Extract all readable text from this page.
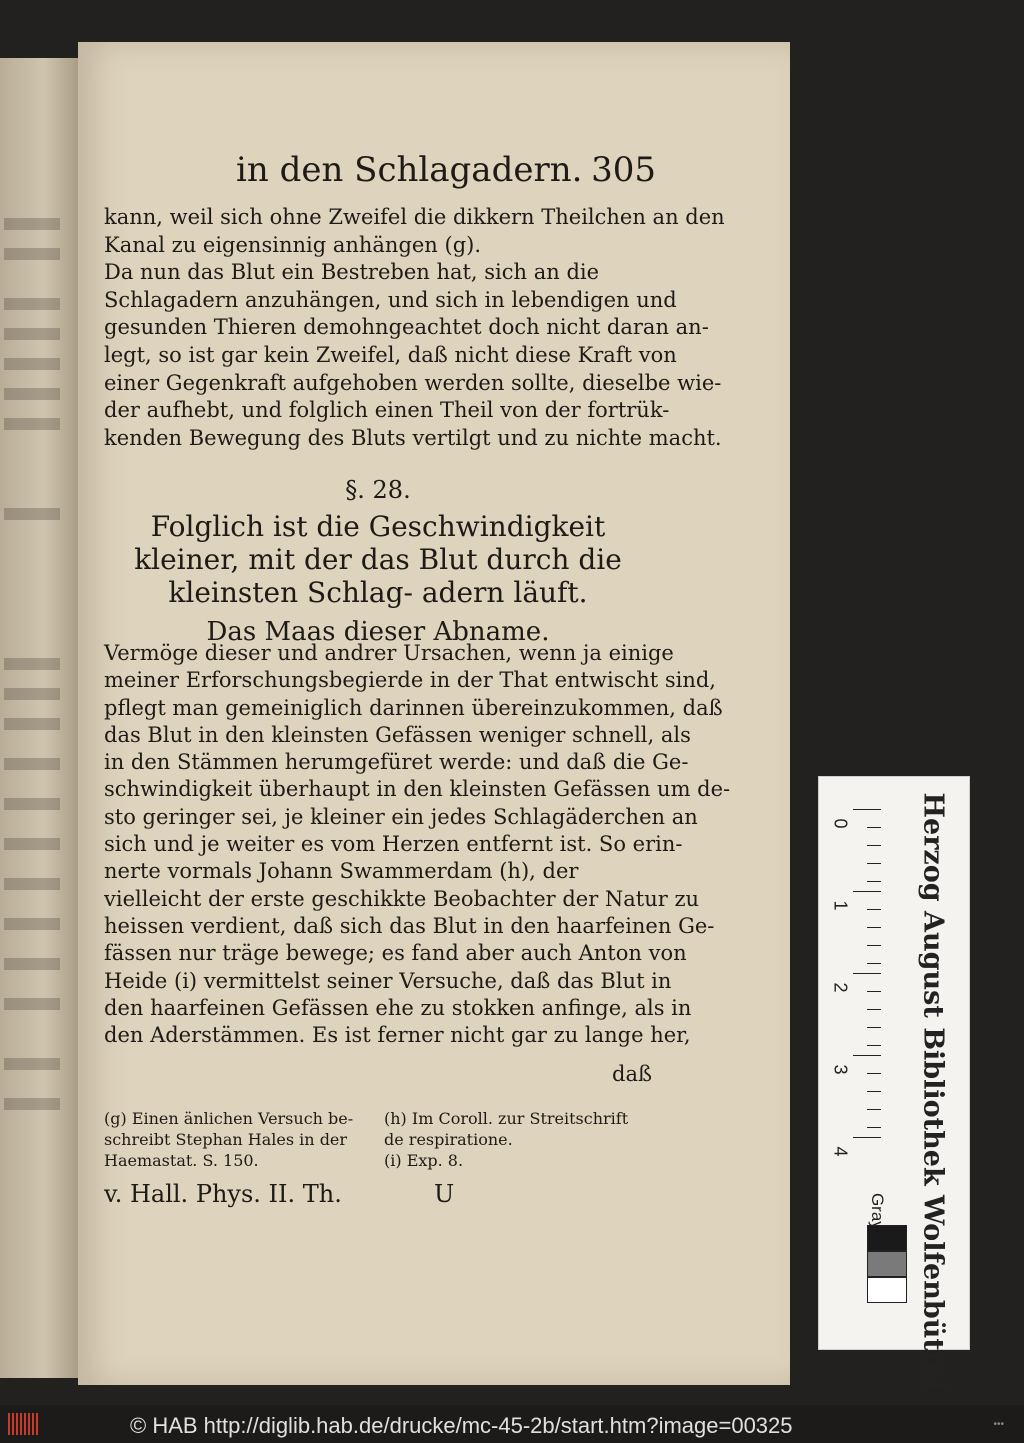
in den Schlagadern. 305
kann, weil sich ohne Zweifel die dikkern Theilchen an den
Kanal zu eigensinnig anhängen (g).
Da nun das Blut ein Bestreben hat, sich an die
Schlagadern anzuhängen, und sich in lebendigen und
gesunden Thieren demohngeachtet doch nicht daran an-
legt, so ist gar kein Zweifel, daß nicht diese Kraft von
einer Gegenkraft aufgehoben werden sollte, dieselbe wie-
der aufhebt, und folglich einen Theil von der fortrük-
kenden Bewegung des Bluts vertilgt und zu nichte macht.
§. 28.
Folglich ist die Geschwindigkeit kleiner, mit der das Blut durch die kleinsten Schlag- adern läuft.
Das Maas dieser Abname.
Vermöge dieser und andrer Ursachen, wenn ja einige
meiner Erforschungsbegierde in der That entwischt sind,
pflegt man gemeiniglich darinnen übereinzukommen, daß
das Blut in den kleinsten Gefässen weniger schnell, als
in den Stämmen herumgefüret werde: und daß die Ge-
schwindigkeit überhaupt in den kleinsten Gefässen um de-
sto geringer sei, je kleiner ein jedes Schlagäderchen an
sich und je weiter es vom Herzen entfernt ist. So erin-
nerte vormals Johann Swammerdam (h), der
vielleicht der erste geschikkte Beobachter der Natur zu
heissen verdient, daß sich das Blut in den haarfeinen Ge-
fässen nur träge bewege; es fand aber auch Anton von
Heide (i) vermittelst seiner Versuche, daß das Blut in
den haarfeinen Gefässen ehe zu stokken anfinge, als in
den Aderstämmen. Es ist ferner nicht gar zu lange her,
daß
(g) Einen änlichen Versuch be-
schreibt Stephan Hales in der
Haemastat. S. 150.
(h) Im Coroll. zur Streitschrift
de respiratione.
(i) Exp. 8.
v. Hall. Phys. II. Th.	U
0
1
2
3
4 Herzog August Bibliothek Wolfenbüttel
© HAB http://diglib.hab.de/drucke/mc-45-2b/start.htm?image=00325	•••
